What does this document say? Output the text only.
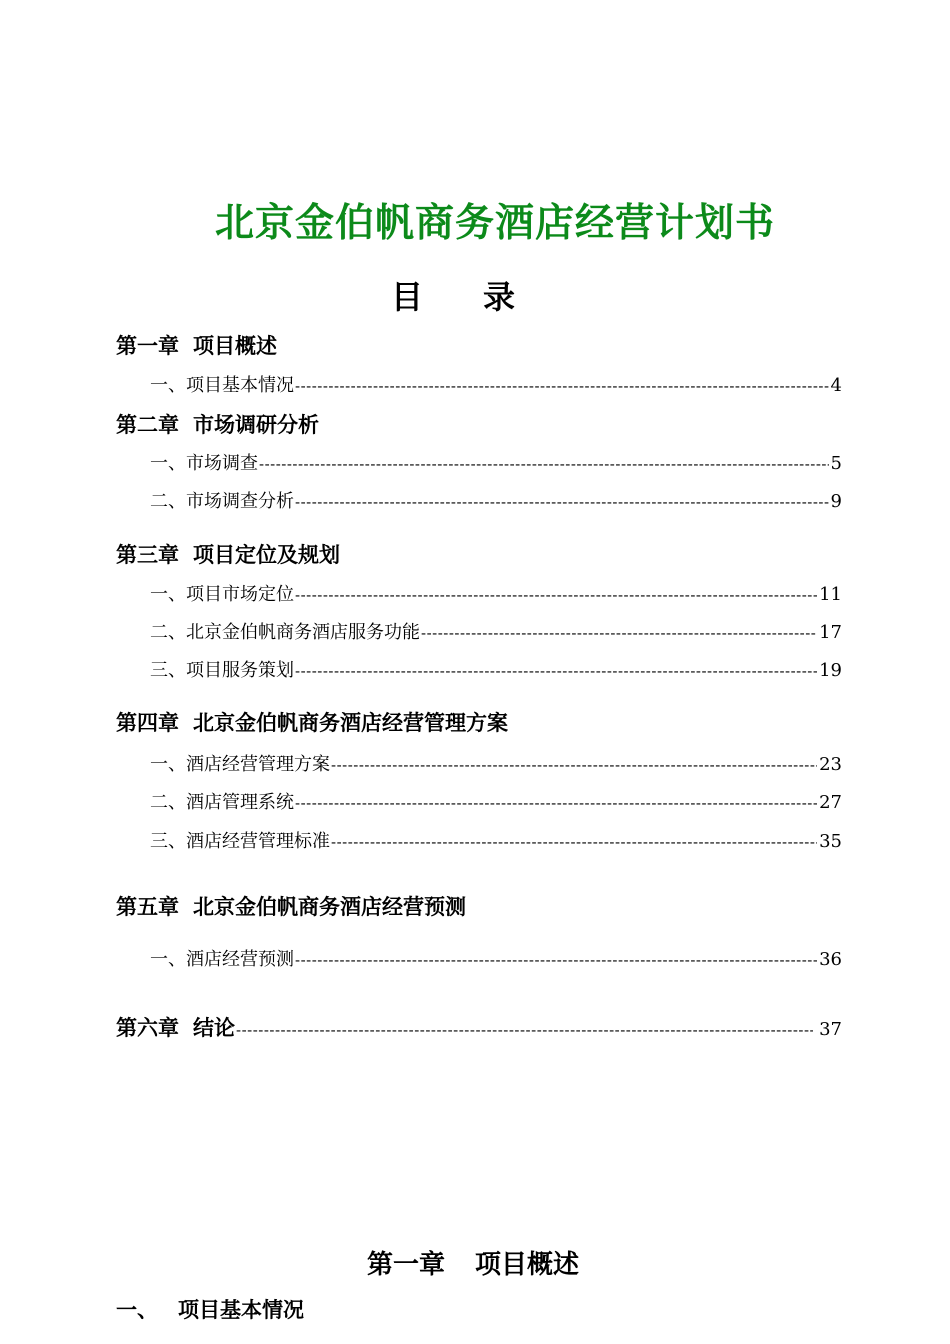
北京金伯帆商务酒店经营计划书
目录
第一章 项目概述
一、项目基本情况 -----	4
第二章 市场调研分析
一、市场调查 -----	5
二、市场调查分析 -----	9
第三章 项目定位及规划
一、项目市场定位 -----	11
二、北京金伯帆商务酒店服务功能 -----	17
三、项目服务策划 -----	19
第四章 北京金伯帆商务酒店经营管理方案
一、酒店经营管理方案 -----	23
二、酒店管理系统 -----	27
三、酒店经营管理标准 -----	35
第五章 北京金伯帆商务酒店经营预测
一、酒店经营预测 -----	36
第六章 结论 -----	37
第一章 项目概述
一、 项目基本情况
